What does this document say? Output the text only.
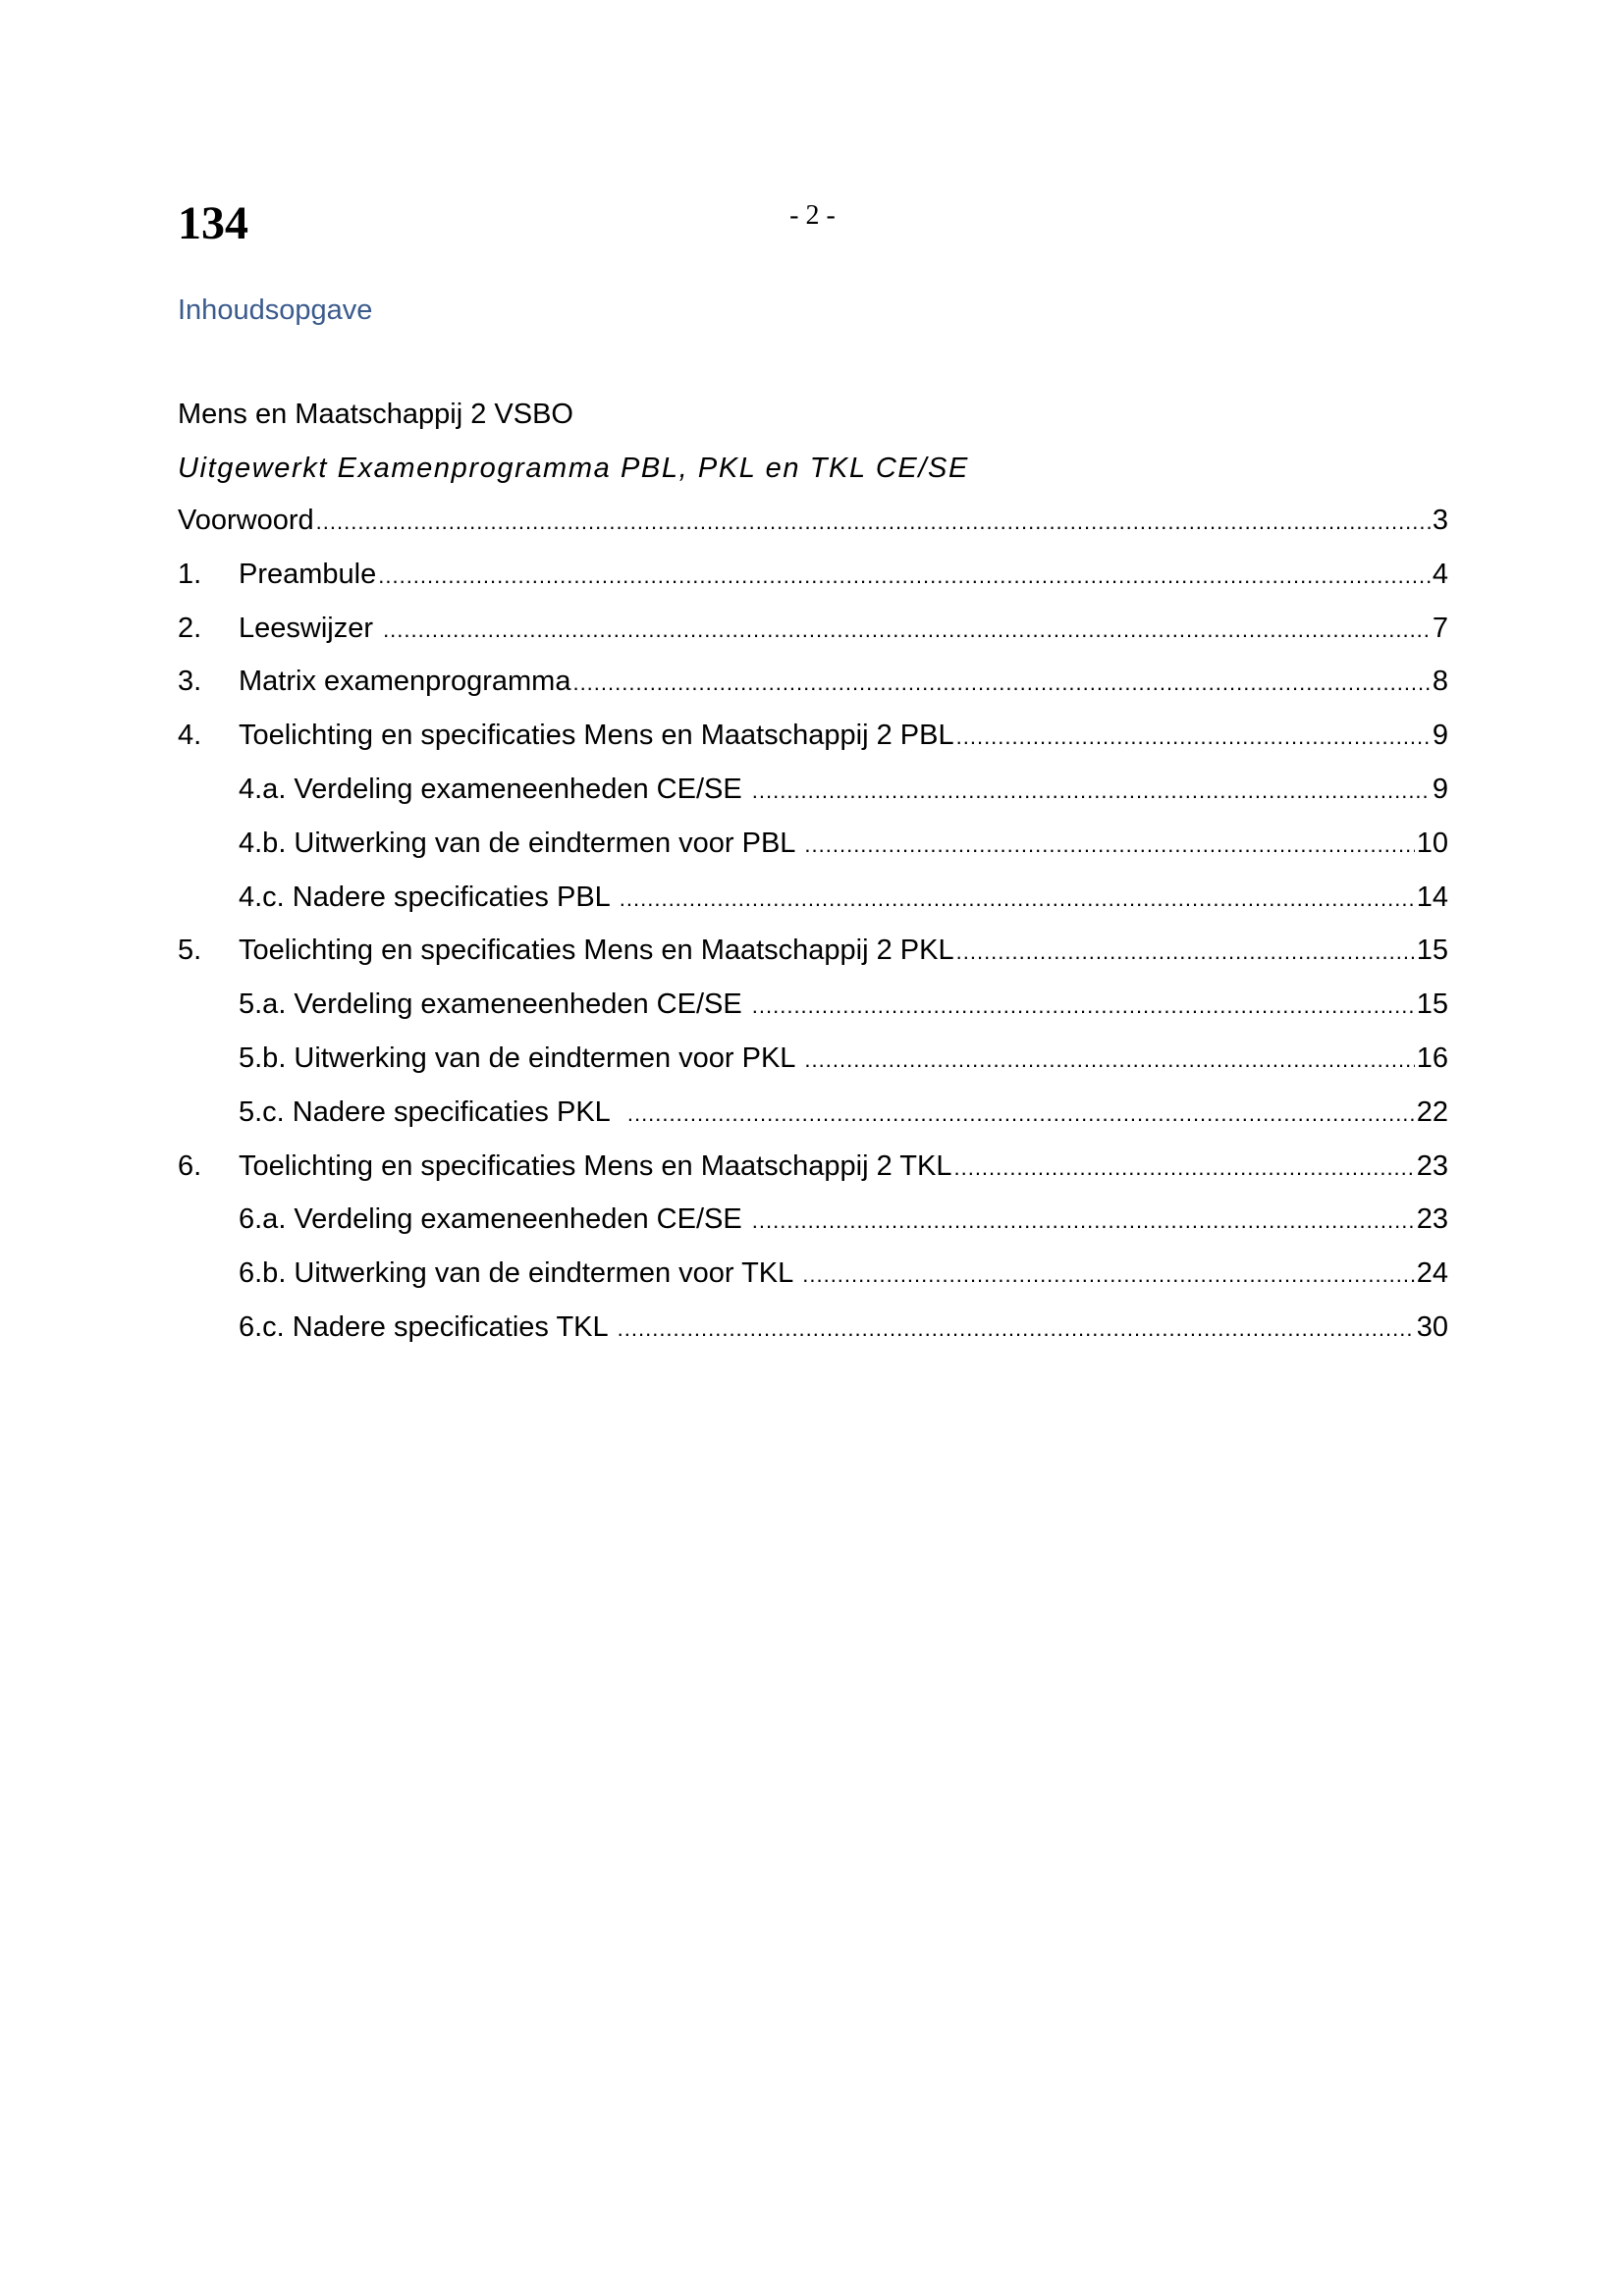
134	- 2 -
Inhoudsopgave
Mens en Maatschappij 2 VSBO
Uitgewerkt Examenprogramma PBL, PKL en TKL CE/SE
Voorwoord .....	3
1.	Preambule .....	4
2.	Leeswijzer .....	7
3.	Matrix examenprogramma .....	8
4.	Toelichting en specificaties Mens en Maatschappij 2 PBL .....	9
4.a. Verdeling exameneenheden CE/SE .....	9
4.b. Uitwerking van de eindtermen voor PBL .....	10
4.c. Nadere specificaties PBL .....	14
5.	Toelichting en specificaties Mens en Maatschappij 2 PKL .....	15
5.a. Verdeling exameneenheden CE/SE .....	15
5.b. Uitwerking van de eindtermen voor PKL .....	16
5.c. Nadere specificaties PKL .....	22
6.	Toelichting en specificaties Mens en Maatschappij 2 TKL .....	23
6.a. Verdeling exameneenheden CE/SE .....	23
6.b. Uitwerking van de eindtermen voor TKL .....	24
6.c. Nadere specificaties TKL .....	30
